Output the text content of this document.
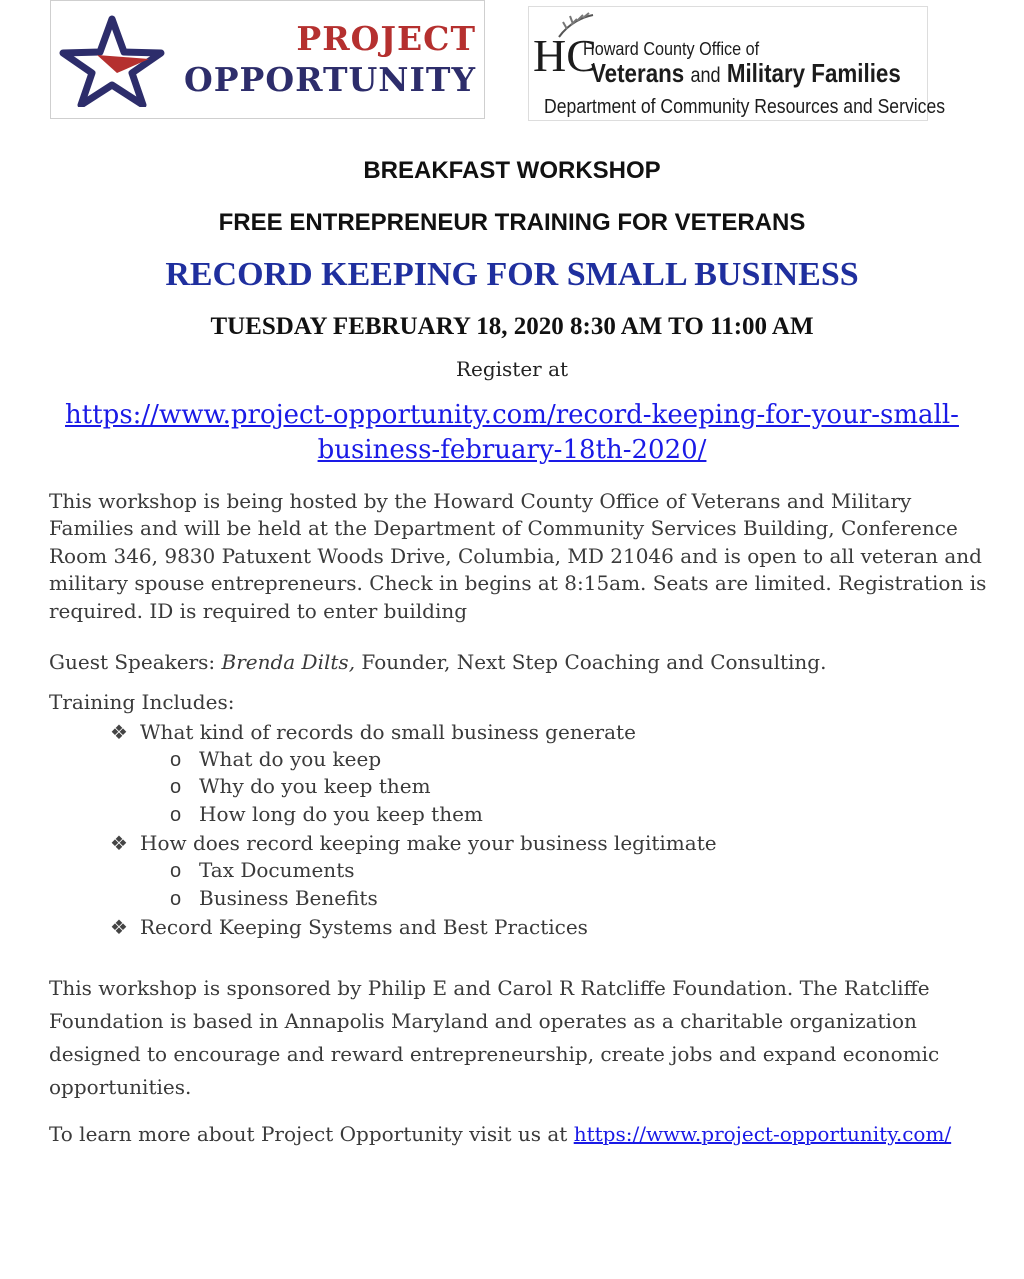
PROJECT
OPPORTUNITY HC
Howard County Office of
Veterans and Military Families
Department of Community Resources and Services
BREAKFAST WORKSHOP
FREE ENTREPRENEUR TRAINING FOR VETERANS
RECORD KEEPING FOR SMALL BUSINESS
TUESDAY FEBRUARY 18, 2020 8:30 AM TO 11:00 AM
Register at
https://www.project-opportunity.com/record-keeping-for-your-small-business-february-18th-2020/
This workshop is being hosted by the Howard County Office of Veterans and Military Families and will be held at the Department of Community Services Building, Conference Room 346, 9830 Patuxent Woods Drive, Columbia, MD 21046 and is open to all veteran and military spouse entrepreneurs. Check in begins at 8:15am. Seats are limited. Registration is required. ID is required to enter building
Guest Speakers: Brenda Dilts, Founder, Next Step Coaching and Consulting.
Training Includes:
❖ What kind of records do small business generate
o What do you keep
o Why do you keep them
o How long do you keep them
❖ How does record keeping make your business legitimate
o Tax Documents
o Business Benefits
❖ Record Keeping Systems and Best Practices
This workshop is sponsored by Philip E and Carol R Ratcliffe Foundation. The Ratcliffe Foundation is based in Annapolis Maryland and operates as a charitable organization designed to encourage and reward entrepreneurship, create jobs and expand economic opportunities.
To learn more about Project Opportunity visit us at https://www.project-opportunity.com/
